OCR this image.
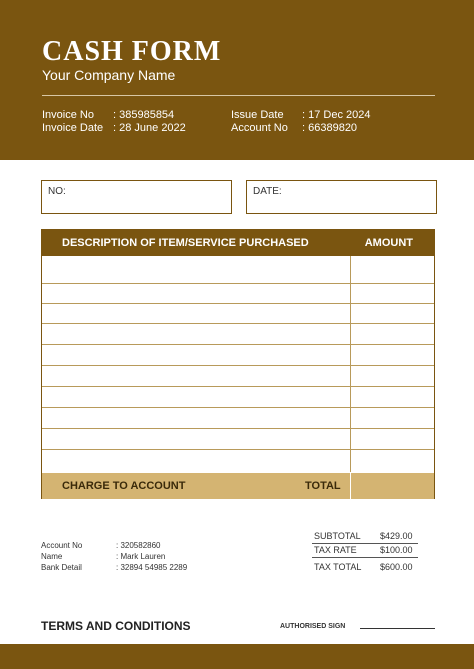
CASH FORM
Your Company Name
Invoice No : 385985854
Invoice Date : 28 June 2022
Issue Date : 17 Dec 2024
Account No : 66389820
NO:	DATE:
DESCRIPTION OF ITEM/SERVICE PURCHASED	AMOUNT
CHARGE TO ACCOUNT	TOTAL
Account No	: 320582860
Name	: Mark Lauren
Bank Detail	: 32894 54985 2289
SUBTOTAL $429.00
TAX RATE	$100.00
TAX TOTAL $600.00
TERMS AND CONDITIONS	AUTHORISED SIGN
